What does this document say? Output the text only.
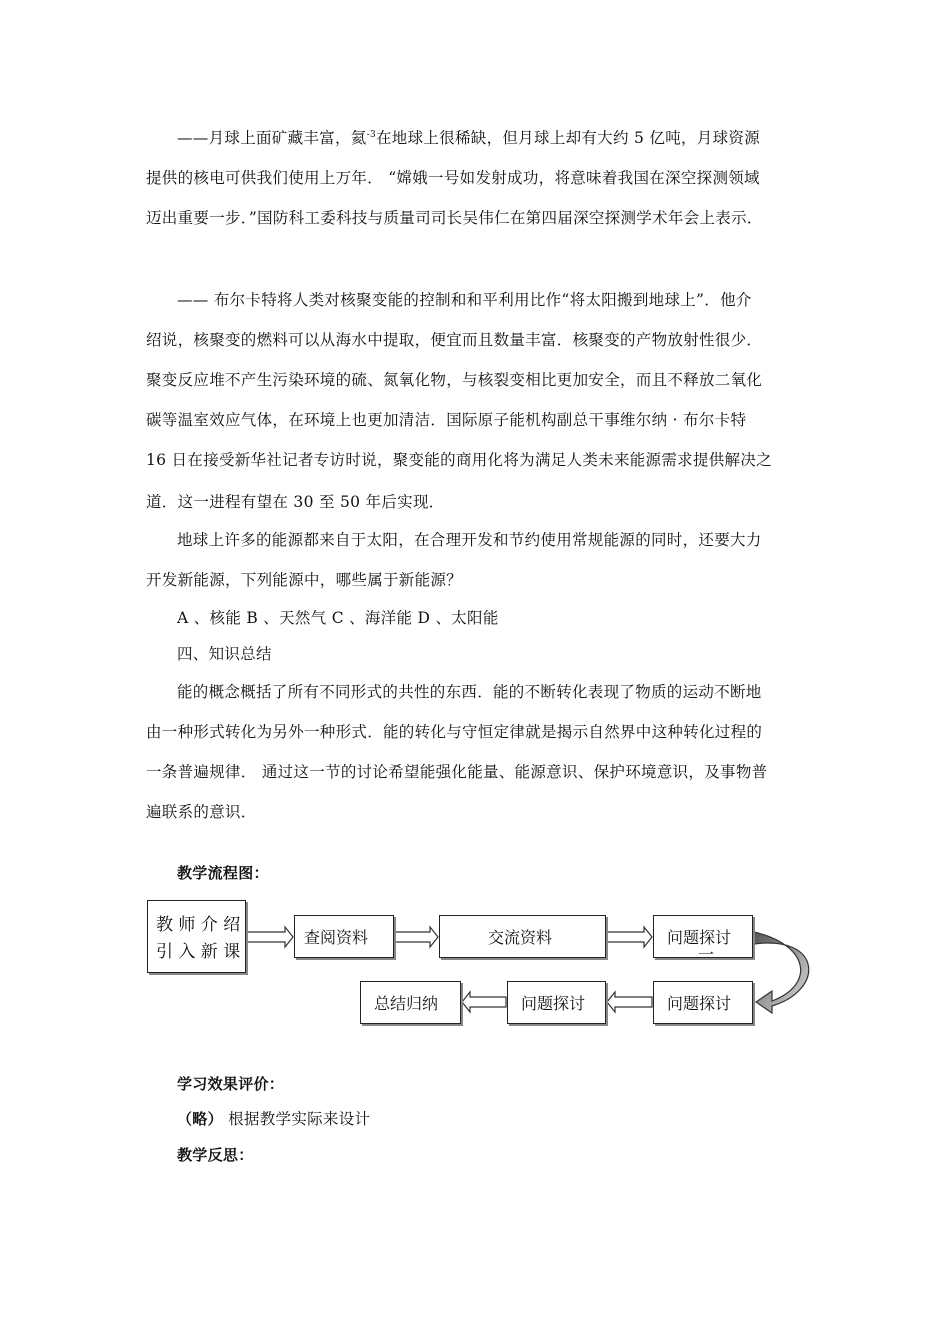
——月球上面矿藏丰富，氦$^{-3}$在地球上很稀缺，但月球上却有大约 5 亿吨，月球资源
提供的核电可供我们使用上万年． “嫦娥一号如发射成功，将意味着我国在深空探测领域
迈出重要一步．”国防科工委科技与质量司司长吴伟仁在第四届深空探测学术年会上表示．
—— 布尔卡特将人类对核聚变能的控制和和平利用比作“将太阳搬到地球上”．他介
绍说，核聚变的燃料可以从海水中提取，便宜而且数量丰富．核聚变的产物放射性很少．
聚变反应堆不产生污染环境的硫、氮氧化物，与核裂变相比更加安全，而且不释放二氧化
碳等温室效应气体，在环境上也更加清洁．国际原子能机构副总干事维尔纳 · 布尔卡特
16 日在接受新华社记者专访时说，聚变能的商用化将为满足人类未来能源需求提供解决之
道．这一进程有望在 30 至 50 年后实现．
地球上许多的能源都来自于太阳，在合理开发和节约使用常规能源的同时，还要大力
开发新能源，下列能源中，哪些属于新能源？
A 、核能 B 、天然气 C 、海洋能 D 、太阳能
四、知识总结
能的概念概括了所有不同形式的共性的东西．能的不断转化表现了物质的运动不断地
由一种形式转化为另外一种形式．能的转化与守恒定律就是揭示自然界中这种转化过程的
一条普遍规律． 通过这一节的讨论希望能强化能量、能源意识、保护环境意识，及事物普
遍联系的意识．
教学流程图：
教 师 介 绍
引 入 新 课
查阅资料	交流资料	问题探讨
一
问题探讨
问题探讨
总结归纳
学习效果评价：
（略） 根据教学实际来设计
教学反思：
